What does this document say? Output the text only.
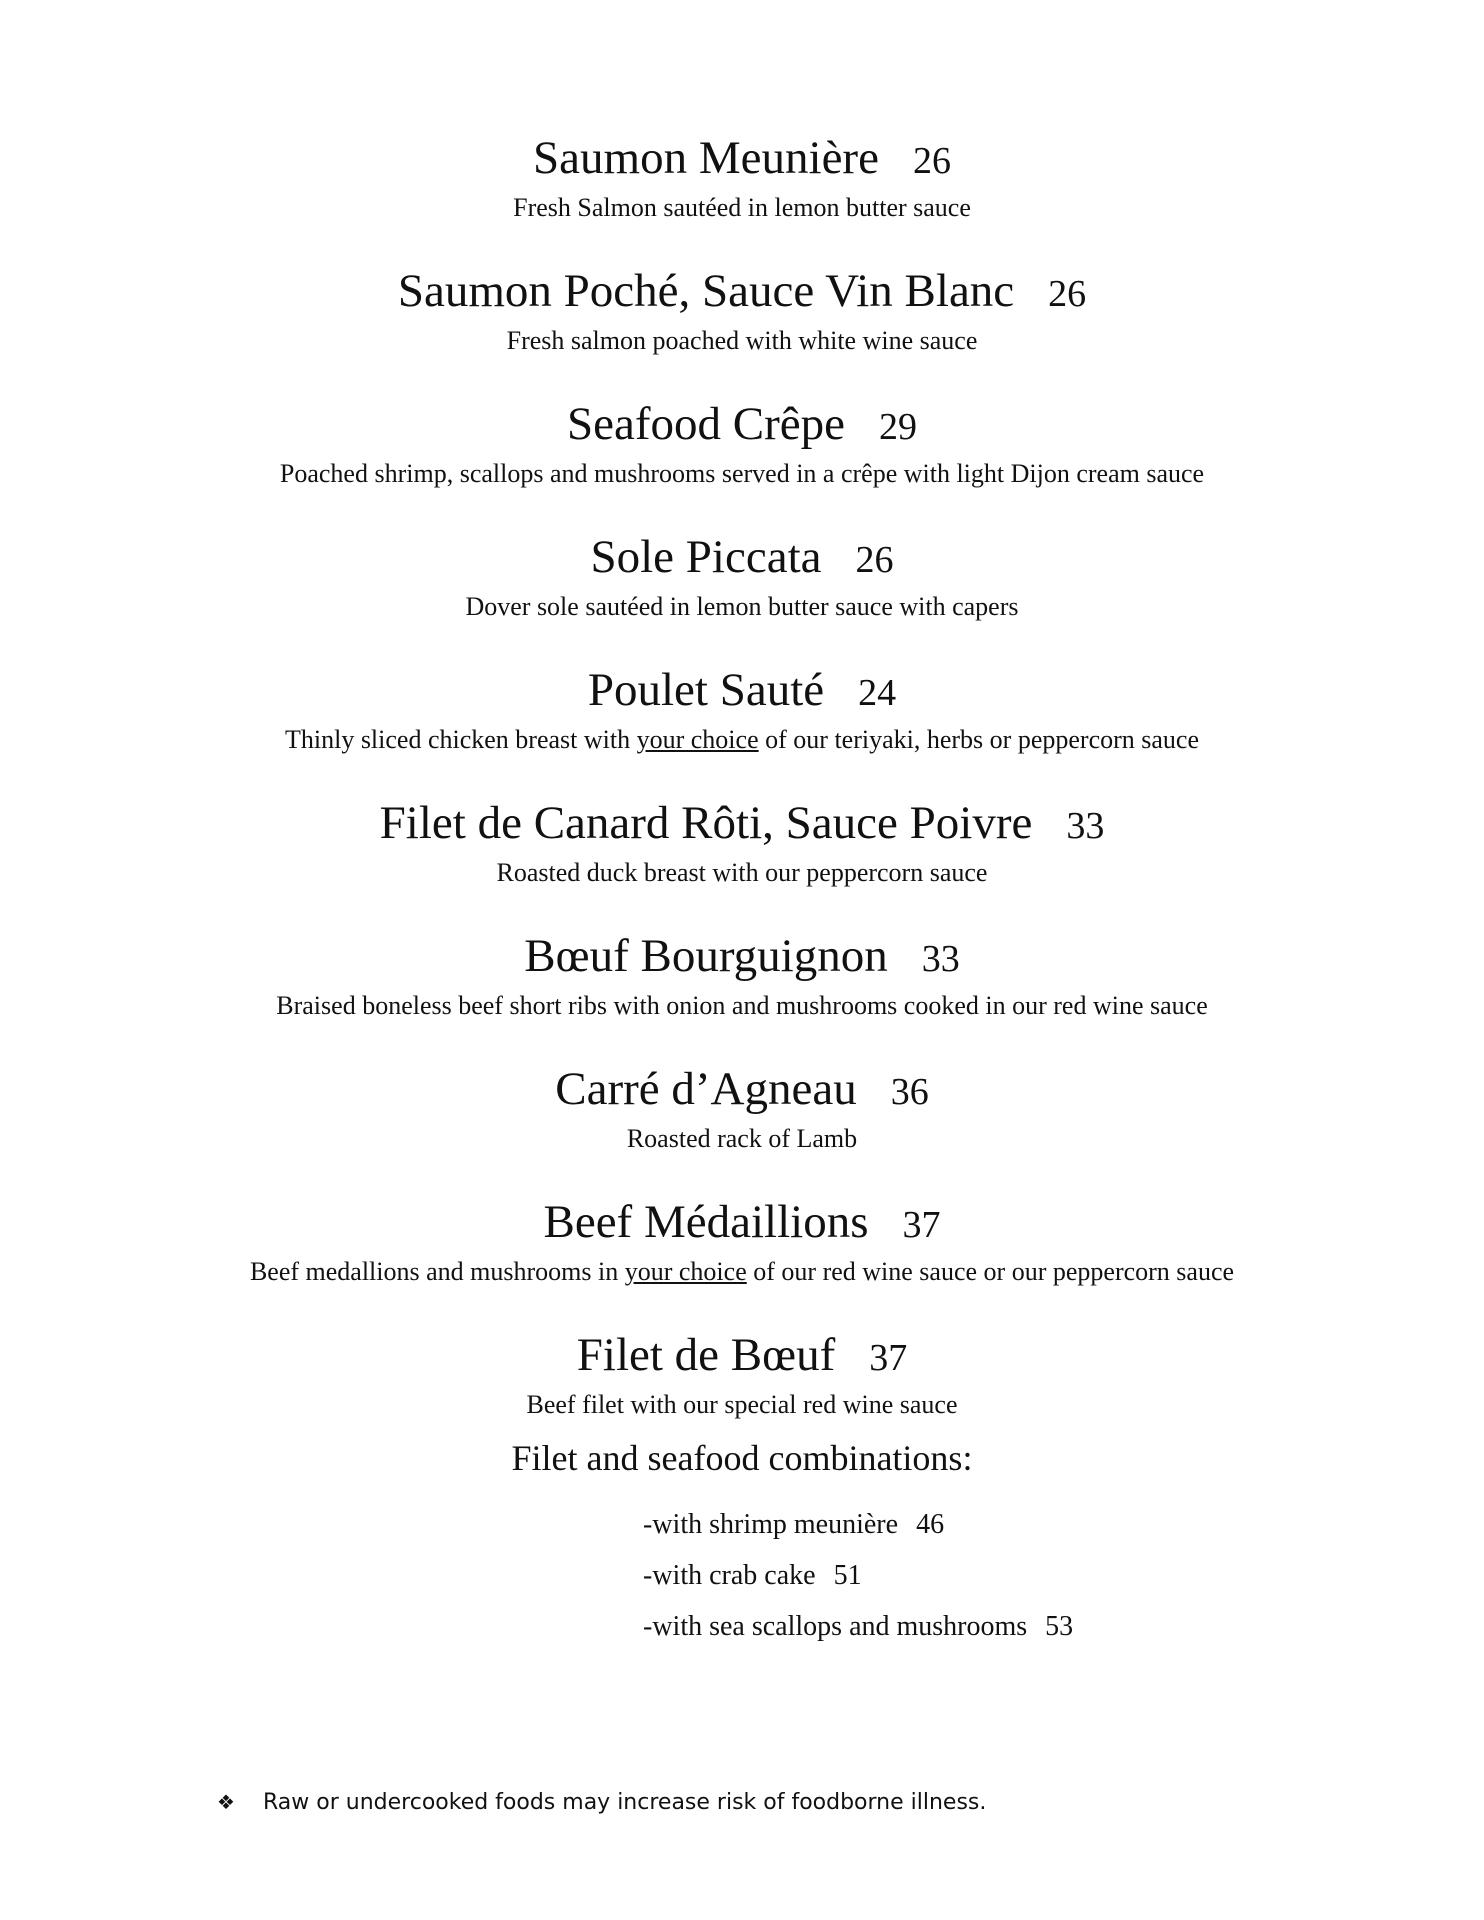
Saumon Meunière 26
Fresh Salmon sautéed in lemon butter sauce
Saumon Poché, Sauce Vin Blanc 26
Fresh salmon poached with white wine sauce
Seafood Crêpe 29
Poached shrimp, scallops and mushrooms served in a crêpe with light Dijon cream sauce
Sole Piccata 26
Dover sole sautéed in lemon butter sauce with capers
Poulet Sauté 24
Thinly sliced chicken breast with your choice of our teriyaki, herbs or peppercorn sauce
Filet de Canard Rôti, Sauce Poivre 33
Roasted duck breast with our peppercorn sauce
Bœuf Bourguignon 33
Braised boneless beef short ribs with onion and mushrooms cooked in our red wine sauce
Carré d’Agneau 36
Roasted rack of Lamb
Beef Médaillions 37
Beef medallions and mushrooms in your choice of our red wine sauce or our peppercorn sauce
Filet de Bœuf 37
Beef filet with our special red wine sauce
Filet and seafood combinations:
-with shrimp meunière 46
-with crab cake 51
-with sea scallops and mushrooms 53
❖ Raw or undercooked foods may increase risk of foodborne illness.
